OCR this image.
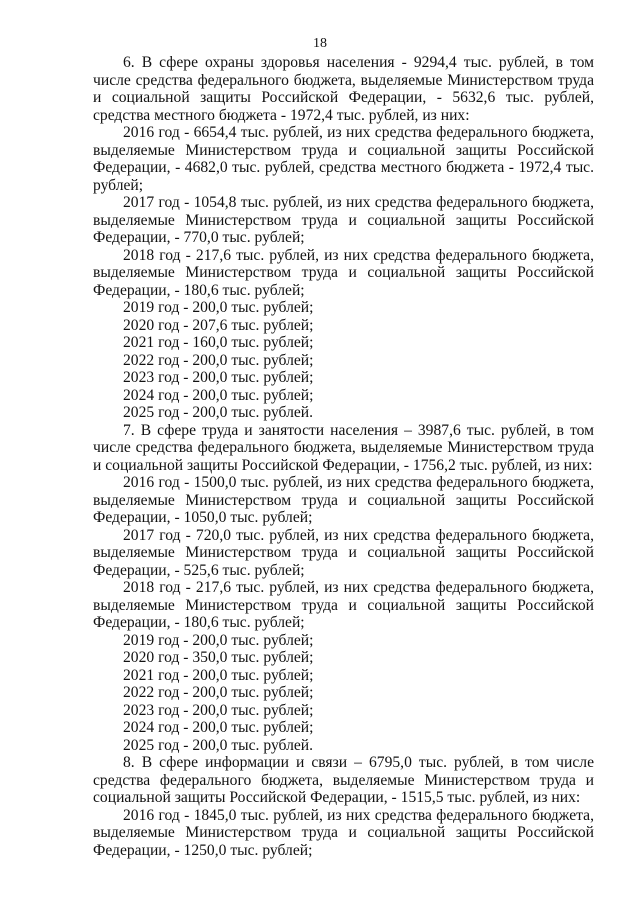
18

6. В сфере охраны здоровья населения - 9294,4 тыс. рублей, в том числе средства федерального бюджета, выделяемые Министерством труда и социальной защиты Российской Федерации, - 5632,6 тыс. рублей, средства местного бюджета - 1972,4 тыс. рублей, из них:

2016 год - 6654,4 тыс. рублей, из них средства федерального бюджета, выделяемые Министерством труда и социальной защиты Российской Федерации, - 4682,0 тыс. рублей, средства местного бюджета - 1972,4 тыс. рублей;

2017 год - 1054,8 тыс. рублей, из них средства федерального бюджета, выделяемые Министерством труда и социальной защиты Российской Федерации, - 770,0 тыс. рублей;

2018 год - 217,6 тыс. рублей, из них средства федерального бюджета, выделяемые Министерством труда и социальной защиты Российской Федерации, - 180,6 тыс. рублей;

2019 год - 200,0 тыс. рублей;

2020 год - 207,6 тыс. рублей;

2021 год - 160,0 тыс. рублей;

2022 год - 200,0 тыс. рублей;

2023 год - 200,0 тыс. рублей;

2024 год - 200,0 тыс. рублей;

2025 год - 200,0 тыс. рублей.

7. В сфере труда и занятости населения – 3987,6 тыс. рублей, в том числе средства федерального бюджета, выделяемые Министерством труда и социальной защиты Российской Федерации, - 1756,2 тыс. рублей, из них:

2016 год - 1500,0 тыс. рублей, из них средства федерального бюджета, выделяемые Министерством труда и социальной защиты Российской Федерации, - 1050,0 тыс. рублей;

2017 год - 720,0 тыс. рублей, из них средства федерального бюджета, выделяемые Министерством труда и социальной защиты Российской Федерации, - 525,6 тыс. рублей;

2018 год - 217,6 тыс. рублей, из них средства федерального бюджета, выделяемые Министерством труда и социальной защиты Российской Федерации, - 180,6 тыс. рублей;

2019 год - 200,0 тыс. рублей;

2020 год - 350,0 тыс. рублей;

2021 год - 200,0 тыс. рублей;

2022 год - 200,0 тыс. рублей;

2023 год - 200,0 тыс. рублей;

2024 год - 200,0 тыс. рублей;

2025 год - 200,0 тыс. рублей.

8. В сфере информации и связи – 6795,0 тыс. рублей, в том числе средства федерального бюджета, выделяемые Министерством труда и социальной защиты Российской Федерации, - 1515,5 тыс. рублей, из них:

2016 год - 1845,0 тыс. рублей, из них средства федерального бюджета, выделяемые Министерством труда и социальной защиты Российской Федерации, - 1250,0 тыс. рублей;
